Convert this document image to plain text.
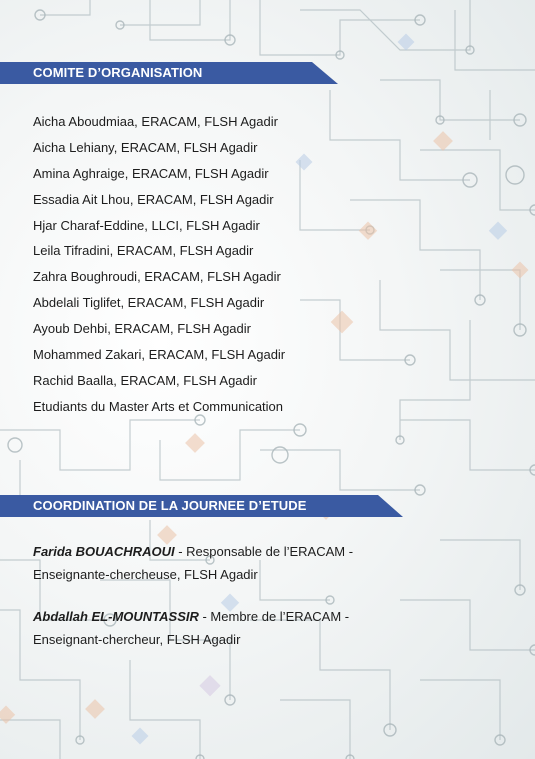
COMITE D’ORGANISATION
Aicha Aboudmiaa, ERACAM, FLSH Agadir
Aicha Lehiany, ERACAM, FLSH Agadir
Amina Aghraige, ERACAM, FLSH Agadir
Essadia Ait Lhou, ERACAM, FLSH Agadir
Hjar Charaf-Eddine, LLCI, FLSH Agadir
Leila Tifradini, ERACAM, FLSH Agadir
Zahra Boughroudi, ERACAM, FLSH Agadir
Abdelali Tiglifet, ERACAM, FLSH Agadir
Ayoub Dehbi, ERACAM, FLSH Agadir
Mohammed Zakari, ERACAM, FLSH Agadir
Rachid Baalla, ERACAM, FLSH Agadir
Etudiants du Master Arts et Communication
COORDINATION DE LA JOURNEE D’ETUDE
Farida BOUACHRAOUI - Responsable de l’ERACAM -
Enseignante-chercheuse, FLSH Agadir
Abdallah EL-MOUNTASSIR - Membre de l’ERACAM -
Enseignant-chercheur, FLSH Agadir
